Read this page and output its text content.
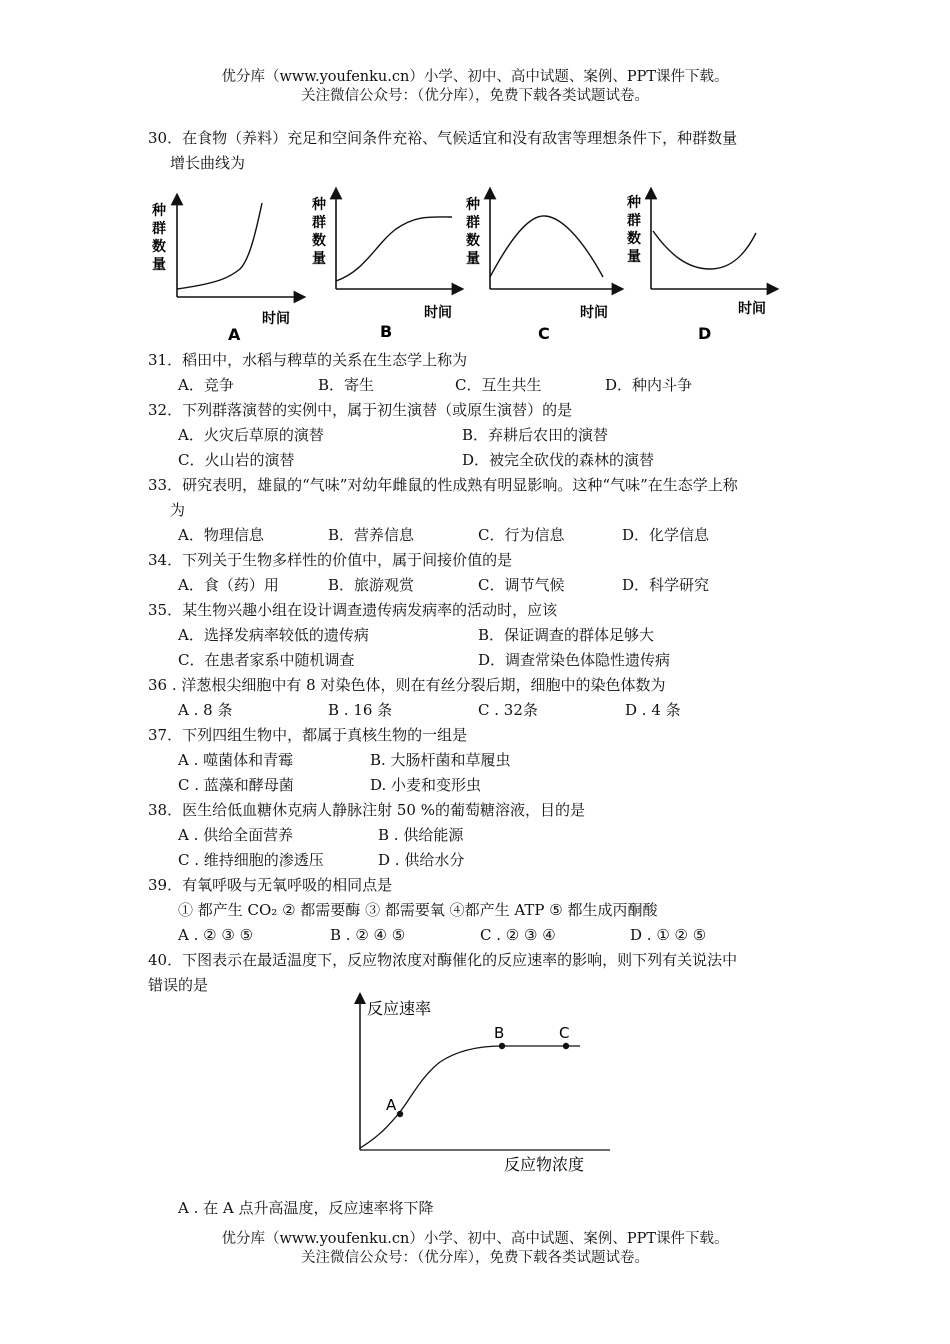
优分库（www.youfenku.cn）小学、初中、高中试题、案例、PPT课件下载。
关注微信公众号：（优分库），免费下载各类试题试卷。
30．在食物（养料）充足和空间条件充裕、气候适宜和没有敌害等理想条件下，种群数量
增长曲线为
种
群
数
量
时间
A
种
群
数
量
时间
B
种
群
数
量
时间
C
种
群
数
量
时间
D
31．稻田中，水稻与稗草的关系在生态学上称为
A．竞争	B．寄生	C．互生共生	D．种内斗争
32．下列群落演替的实例中，属于初生演替（或原生演替）的是
A．火灾后草原的演替	B．弃耕后农田的演替
C．火山岩的演替	D．被完全砍伐的森林的演替
33．研究表明，雄鼠的“气味”对幼年雌鼠的性成熟有明显影响。这种“气味”在生态学上称
为
A．物理信息	B．营养信息	C．行为信息	D．化学信息
34．下列关于生物多样性的价值中，属于间接价值的是
A．食（药）用	B．旅游观赏	C．调节气候	D．科学研究
35．某生物兴趣小组在设计调查遗传病发病率的活动时，应该
A．选择发病率较低的遗传病	B．保证调查的群体足够大
C．在患者家系中随机调查	D．调查常染色体隐性遗传病
36 . 洋葱根尖细胞中有 8 对染色体，则在有丝分裂后期，细胞中的染色体数为
A . 8 条	B . 16 条	C . 32条	D . 4 条
37．下列四组生物中，都属于真核生物的一组是
A . 噬菌体和青霉	B. 大肠杆菌和草履虫
C . 蓝藻和酵母菌	D. 小麦和变形虫
38．医生给低血糖休克病人静脉注射 50 %的葡萄糖溶液，目的是
A . 供给全面营养	B . 供给能源
C . 维持细胞的渗透压	D . 供给水分
39．有氧呼吸与无氧呼吸的相同点是
① 都产生 CO₂ ② 都需要酶 ③ 都需要氧 ④都产生 ATP ⑤ 都生成丙酮酸
A . ② ③ ⑤	B . ② ④ ⑤	C . ② ③ ④	D . ① ② ⑤
40．下图表示在最适温度下，反应物浓度对酶催化的反应速率的影响，则下列有关说法中
错误的是
A
B	C
反应速率
反应物浓度
A . 在 A 点升高温度，反应速率将下降
优分库（www.youfenku.cn）小学、初中、高中试题、案例、PPT课件下载。
关注微信公众号：（优分库），免费下载各类试题试卷。
